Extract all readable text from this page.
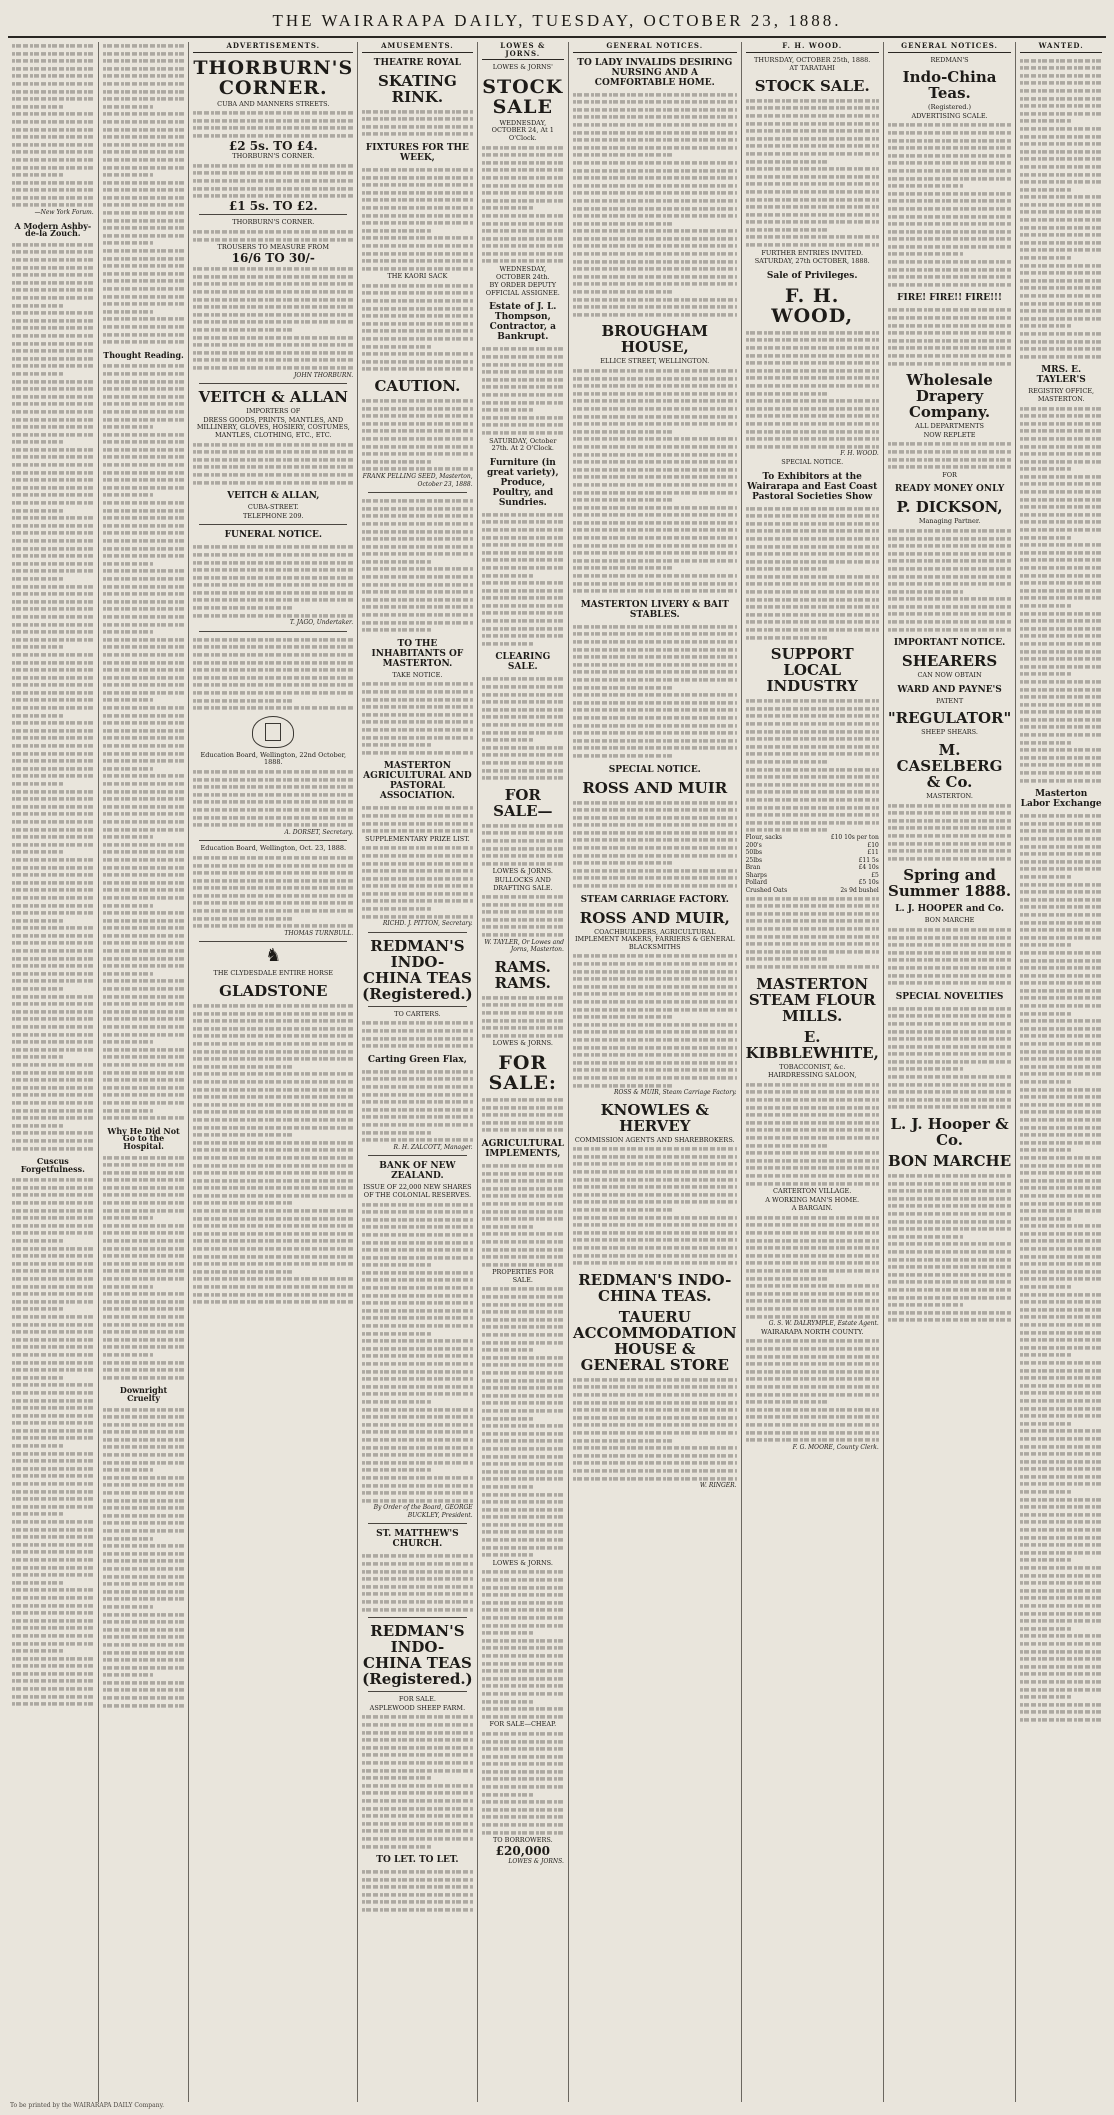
THE WAIRARAPA DAILY, TUESDAY, OCTOBER 23, 1888.
—New York Forum.
A Modern Ashby-de-la Zouch.
Cuscus Forgetfulness.
Thought Reading.
Why He Did Not Go to the Hospital.
Downright Cruelty
ADVERTISEMENTS.
THORBURN'S CORNER.
CUBA AND MANNERS STREETS.
£2 5s. TO £4.
THORBURN'S CORNER.
£1 5s. TO £2.
THORBURN'S CORNER.
TROUSERS TO MEASURE FROM
16/6 TO 30/-
JOHN THORBURN.
VEITCH & ALLAN
IMPORTERS OF
DRESS GOODS, PRINTS, MANTLES, AND MILLINERY, GLOVES, HOSIERY, COSTUMES, MANTLES, CLOTHING, ETC., ETC.
VEITCH & ALLAN,
CUBA-STREET.
TELEPHONE 209.
FUNERAL NOTICE.
T. JAGO, Undertaker.
Education Board, Wellington, 22nd October, 1888.
A. DORSET, Secretary.
Education Board, Wellington, Oct. 23, 1888.
THOMAS TURNBULL.
♞
THE CLYDESDALE ENTIRE HORSE
GLADSTONE
AMUSEMENTS.
THEATRE ROYAL
SKATING RINK.
FIXTURES FOR THE WEEK,
THE KAORI SACK
CAUTION.
FRANK PELLING SEED, Masterton, October 23, 1888.
TO THE INHABITANTS OF MASTERTON.
TAKE NOTICE.
MASTERTON AGRICULTURAL AND PASTORAL ASSOCIATION.
SUPPLEMENTARY PRIZE LIST.
RICHD. J. PITTON, Secretary.
REDMAN'S INDO-CHINA TEAS (Registered.)
TO CARTERS.
Carting Green Flax,
R. H. ZALCOTT, Manager.
BANK OF NEW ZEALAND.
ISSUE OF 22,000 NEW SHARES OF THE COLONIAL RESERVES.
By Order of the Board, GEORGE BUCKLEY, President.
ST. MATTHEW'S CHURCH.
REDMAN'S INDO-CHINA TEAS (Registered.)
FOR SALE.
ASPLEWOOD SHEEP FARM.
TO LET. TO LET.
LOWES & JORNS.
LOWES & JORNS'
STOCK SALE
WEDNESDAY, OCTOBER 24, At 1 O'Clock.
WEDNESDAY, OCTOBER 24th.
BY ORDER DEPUTY OFFICIAL ASSIGNEE.
Estate of J. L. Thompson, Contractor, a Bankrupt.
SATURDAY, October 27th. At 2 O'Clock.
Furniture (in great variety), Produce, Poultry, and Sundries.
CLEARING SALE.
FOR SALE—
LOWES & JORNS.
BULLOCKS AND DRAFTING SALE.
W. TAYLER, Or Lowes and Jorns, Masterton.
RAMS. RAMS.
LOWES & JORNS.
FOR SALE:
AGRICULTURAL IMPLEMENTS,
PROPERTIES FOR SALE.
LOWES & JORNS.
FOR SALE—CHEAP.
TO BORROWERS.
£20,000
LOWES & JORNS.
GENERAL NOTICES.
TO LADY INVALIDS DESIRING NURSING AND A COMFORTABLE HOME.
BROUGHAM HOUSE,
ELLICE STREET, WELLINGTON.
MASTERTON LIVERY & BAIT STABLES.
SPECIAL NOTICE.
ROSS AND MUIR
STEAM CARRIAGE FACTORY.
ROSS AND MUIR,
COACHBUILDERS, AGRICULTURAL IMPLEMENT MAKERS, FARRIERS & GENERAL BLACKSMITHS
ROSS & MUIR, Steam Carriage Factory.
KNOWLES & HERVEY
COMMISSION AGENTS AND SHAREBROKERS.
REDMAN'S INDO-CHINA TEAS.
TAUERU ACCOMMODATION HOUSE & GENERAL STORE
W. RINGER.
F. H. WOOD.
THURSDAY, OCTOBER 25th, 1888.
AT TARATAHI
STOCK SALE.
FURTHER ENTRIES INVITED.
SATURDAY, 27th OCTOBER, 1888.
Sale of Privileges.
F. H. WOOD,
F. H. WOOD.
SPECIAL NOTICE.
To Exhibitors at the Wairarapa and East Coast Pastoral Societies Show
SUPPORT LOCAL INDUSTRY
Flour, sacks	£10 10s per ton
200's	£10
50lbs	£11
25lbs	£11 5s
Bran	£4 10s
Sharps	£5
Pollard	£5 10s
Crushed Oats	2s 9d bushel
MASTERTON STEAM FLOUR MILLS.
E. KIBBLEWHITE,
TOBACCONIST, &c.
HAIRDRESSING SALOON,
CARTERTON VILLAGE.
A WORKING MAN'S HOME.
A BARGAIN.
G. S. W. DALRYMPLE, Estate Agent.
WAIRARAPA NORTH COUNTY.
F. G. MOORE, County Clerk.
GENERAL NOTICES.
REDMAN'S
Indo-China Teas.
(Registered.)
ADVERTISING SCALE.
FIRE! FIRE!! FIRE!!!
Wholesale Drapery Company.
ALL DEPARTMENTS
NOW REPLETE
FOR
READY MONEY ONLY
P. DICKSON,
Managing Partner.
IMPORTANT NOTICE.
SHEARERS
CAN NOW OBTAIN
WARD AND PAYNE'S
PATENT
"REGULATOR"
SHEEP SHEARS.
M. CASELBERG & Co.
MASTERTON.
Spring and Summer 1888.
L. J. HOOPER and Co.
BON MARCHE
SPECIAL NOVELTIES
L. J. Hooper & Co.
BON MARCHE
WANTED.
MRS. E. TAYLER'S
REGISTRY OFFICE, MASTERTON.
Masterton Labor Exchange
To be printed by the WAIRARAPA DAILY Company.
